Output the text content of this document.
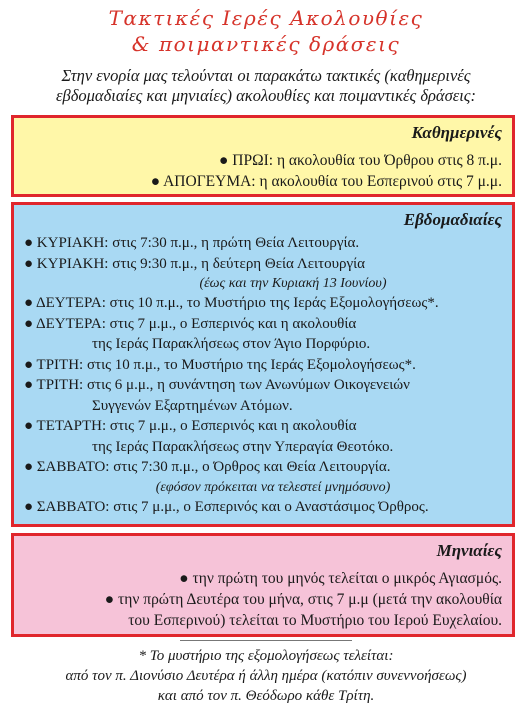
Τακτικές Ιερές Ακολουθίες
& ποιμαντικές δράσεις
Στην ενορία μας τελούνται οι παρακάτω τακτικές (καθημερινές
εβδομαδιαίες και μηνιαίες) ακολουθίες και ποιμαντικές δράσεις:
Καθημερινές
● ΠΡΩΙ: η ακολουθία του Όρθρου στις 8 π.μ.
● ΑΠΟΓΕΥΜΑ: η ακολουθία του Εσπερινού στις 7 μ.μ.
Εβδομαδιαίες
● ΚΥΡΙΑΚΗ: στις 7:30 π.μ., η πρώτη Θεία Λειτουργία.
● ΚΥΡΙΑΚΗ: στις 9:30 π.μ., η δεύτερη Θεία Λειτουργία
(έως και την Κυριακή 13 Ιουνίου)
● ΔΕΥΤΕΡΑ: στις 10 π.μ., το Μυστήριο της Ιεράς Εξομολογήσεως*.
● ΔΕΥΤΕΡΑ: στις 7 μ.μ., ο Εσπερινός και η ακολουθία
της Ιεράς Παρακλήσεως στον Άγιο Πορφύριο.
● ΤΡΙΤΗ: στις 10 π.μ., το Μυστήριο της Ιεράς Εξομολογήσεως*.
● ΤΡΙΤΗ: στις 6 μ.μ., η συνάντηση των Ανωνύμων Οικογενειών
Συγγενών Εξαρτημένων Ατόμων.
● ΤΕΤΑΡΤΗ: στις 7 μ.μ., ο Εσπερινός και η ακολουθία
της Ιεράς Παρακλήσεως στην Υπεραγία Θεοτόκο.
● ΣΑΒΒΑΤΟ: στις 7:30 π.μ., ο Όρθρος και Θεία Λειτουργία.
(εφόσον πρόκειται να τελεστεί μνημόσυνο)
● ΣΑΒΒΑΤΟ: στις 7 μ.μ., ο Εσπερινός και ο Αναστάσιμος Όρθρος.
Μηνιαίες
● την πρώτη του μηνός τελείται ο μικρός Αγιασμός.
● την πρώτη Δευτέρα του μήνα, στις 7 μ.μ (μετά την ακολουθία
του Εσπερινού) τελείται το Μυστήριο του Ιερού Ευχελαίου.
* Το μυστήριο της εξομολογήσεως τελείται:
από τον π. Διονύσιο Δευτέρα ή άλλη ημέρα (κατόπιν συνεννοήσεως)
και από τον π. Θεόδωρο κάθε Τρίτη.
